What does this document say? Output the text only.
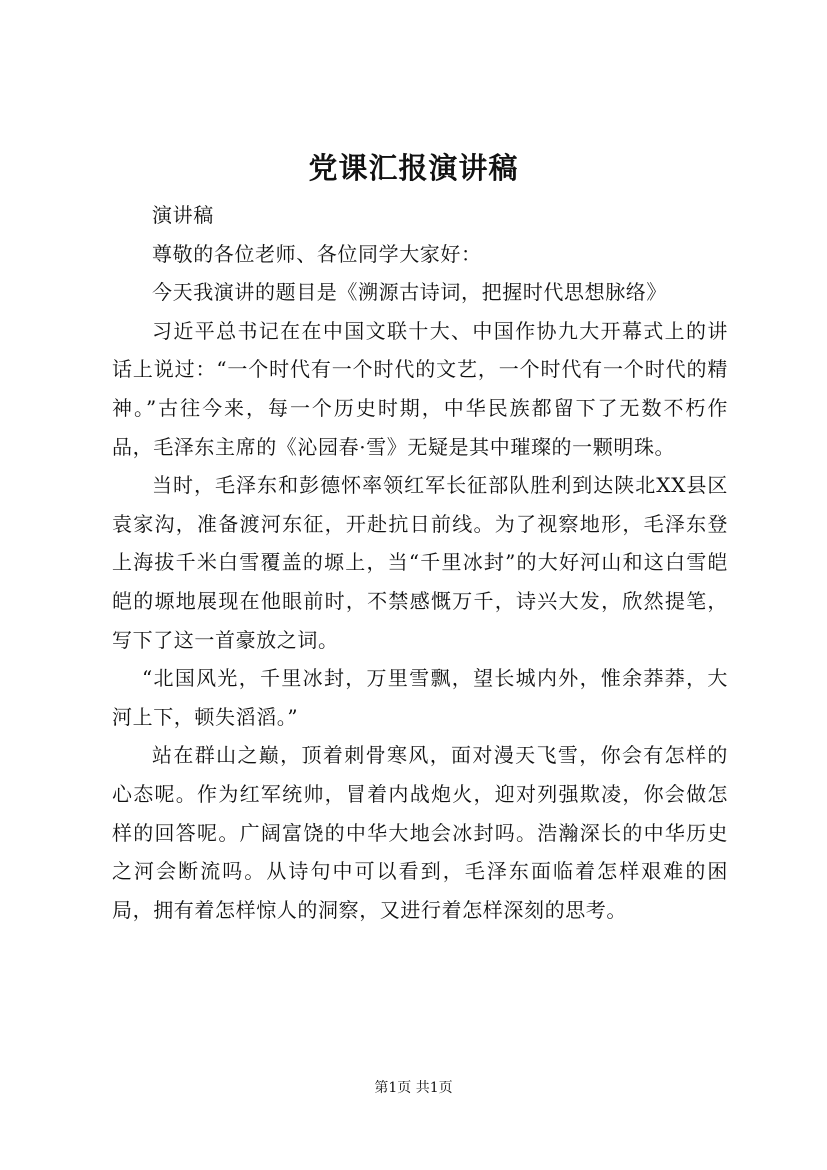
党课汇报演讲稿

演讲稿

尊敬的各位老师、各位同学大家好：

今天我演讲的题目是《溯源古诗词，把握时代思想脉络》

习近平总书记在在中国文联十大、中国作协九大开幕式上的讲话上说过：“一个时代有一个时代的文艺，一个时代有一个时代的精神。”古往今来，每一个历史时期，中华民族都留下了无数不朽作品，毛泽东主席的《沁园春·雪》无疑是其中璀璨的一颗明珠。

当时，毛泽东和彭德怀率领红军长征部队胜利到达陕北XX县区袁家沟，准备渡河东征，开赴抗日前线。为了视察地形，毛泽东登上海拔千米白雪覆盖的塬上，当“千里冰封”的大好河山和这白雪皑皑的塬地展现在他眼前时，不禁感慨万千，诗兴大发，欣然提笔，写下了这一首豪放之词。

“北国风光，千里冰封，万里雪飘，望长城内外，惟余莽莽，大河上下，顿失滔滔。”

站在群山之巅，顶着刺骨寒风，面对漫天飞雪，你会有怎样的心态呢。作为红军统帅，冒着内战炮火，迎对列强欺凌，你会做怎样的回答呢。广阔富饶的中华大地会冰封吗。浩瀚深长的中华历史之河会断流吗。从诗句中可以看到，毛泽东面临着怎样艰难的困局，拥有着怎样惊人的洞察，又进行着怎样深刻的思考。

第1页 共1页
